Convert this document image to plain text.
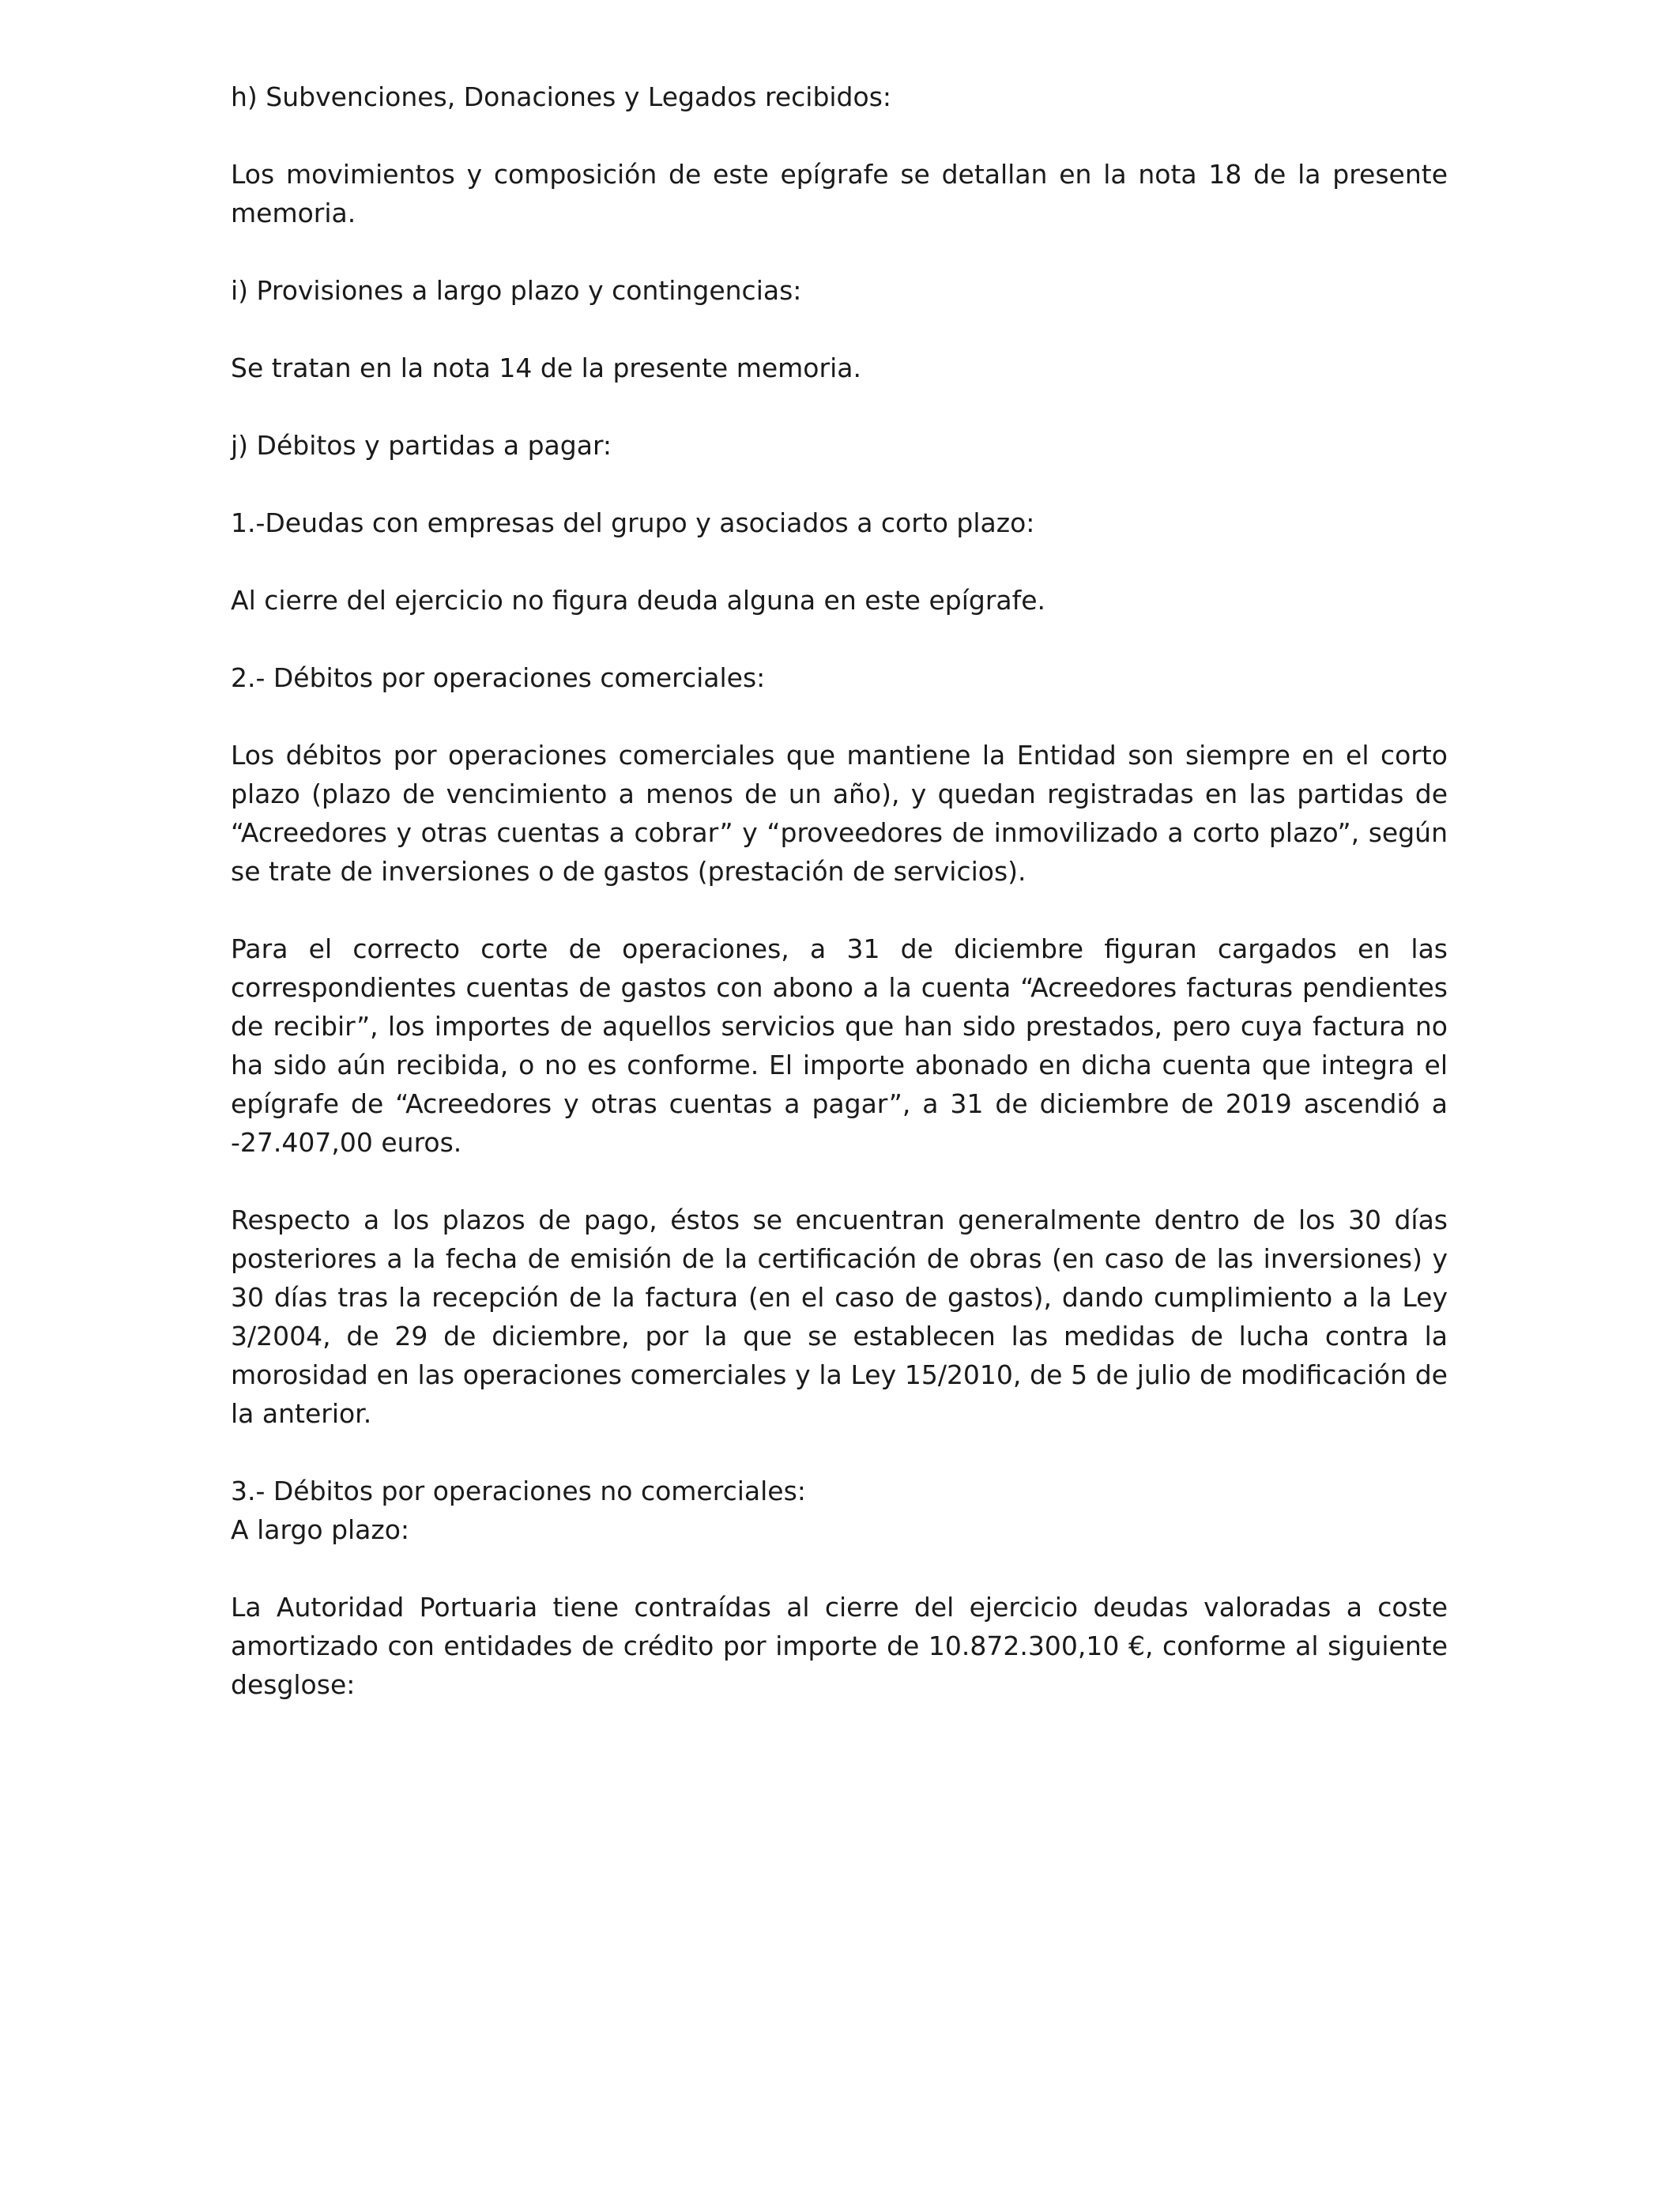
h) Subvenciones, Donaciones y Legados recibidos:

Los movimientos y composición de este epígrafe se detallan en la nota 18 de la presente memoria.

i) Provisiones a largo plazo y contingencias:

Se tratan en la nota 14 de la presente memoria.

j) Débitos y partidas a pagar:

1.-Deudas con empresas del grupo y asociados a corto plazo:

Al cierre del ejercicio no figura deuda alguna en este epígrafe.

2.- Débitos por operaciones comerciales:

Los débitos por operaciones comerciales que mantiene la Entidad son siempre en el corto plazo (plazo de vencimiento a menos de un año), y quedan registradas en las partidas de “Acreedores y otras cuentas a cobrar” y “proveedores de inmovilizado a corto plazo”, según se trate de inversiones o de gastos (prestación de servicios).

Para el correcto corte de operaciones, a 31 de diciembre figuran cargados en las correspondientes cuentas de gastos con abono a la cuenta “Acreedores facturas pendientes de recibir”, los importes de aquellos servicios que han sido prestados, pero cuya factura no ha sido aún recibida, o no es conforme. El importe abonado en dicha cuenta que integra el epígrafe de “Acreedores y otras cuentas a pagar”, a 31 de diciembre de 2019 ascendió a -27.407,00 euros.

Respecto a los plazos de pago, éstos se encuentran generalmente dentro de los 30 días posteriores a la fecha de emisión de la certificación de obras (en caso de las inversiones) y 30 días tras la recepción de la factura (en el caso de gastos), dando cumplimiento a la Ley 3/2004, de 29 de diciembre, por la que se establecen las medidas de lucha contra la morosidad en las operaciones comerciales y la Ley 15/2010, de 5 de julio de modificación de la anterior.

3.- Débitos por operaciones no comerciales:

A largo plazo:

La Autoridad Portuaria tiene contraídas al cierre del ejercicio deudas valoradas a coste amortizado con entidades de crédito por importe de 10.872.300,10 €, conforme al siguiente desglose:
